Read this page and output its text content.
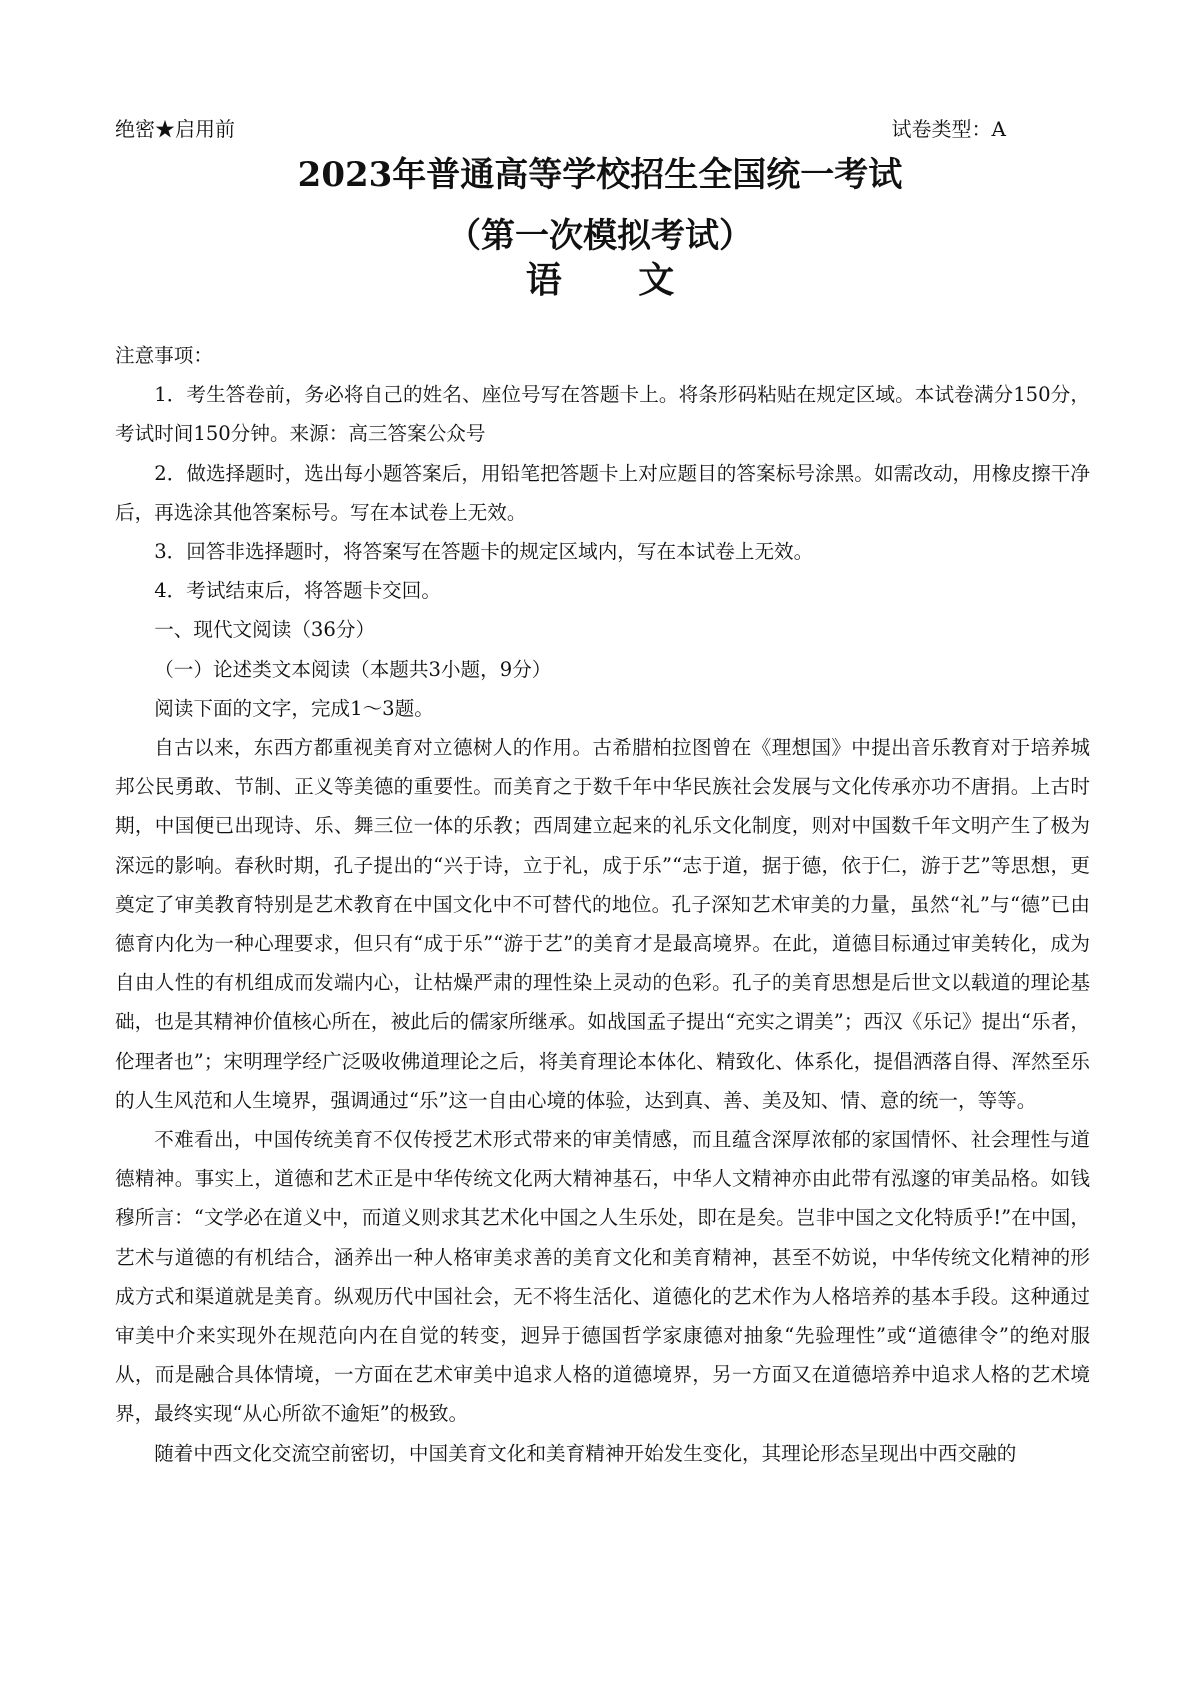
绝密★启用前	试卷类型：A
2023年普通高等学校招生全国统一考试
（第一次模拟考试）
语 文

注意事项：

1．考生答卷前，务必将自己的姓名、座位号写在答题卡上。将条形码粘贴在规定区域。本试卷满分150分，考试时间150分钟。来源：高三答案公众号

2．做选择题时，选出每小题答案后，用铅笔把答题卡上对应题目的答案标号涂黑。如需改动，用橡皮擦干净后，再选涂其他答案标号。写在本试卷上无效。

3．回答非选择题时，将答案写在答题卡的规定区域内，写在本试卷上无效。

4．考试结束后，将答题卡交回。

一、现代文阅读（36分）

（一）论述类文本阅读（本题共3小题，9分）

阅读下面的文字，完成1～3题。

自古以来，东西方都重视美育对立德树人的作用。古希腊柏拉图曾在《理想国》中提出音乐教育对于培养城邦公民勇敢、节制、正义等美德的重要性。而美育之于数千年中华民族社会发展与文化传承亦功不唐捐。上古时期，中国便已出现诗、乐、舞三位一体的乐教；西周建立起来的礼乐文化制度，则对中国数千年文明产生了极为深远的影响。春秋时期，孔子提出的“兴于诗，立于礼，成于乐”“志于道，据于德，依于仁，游于艺”等思想，更奠定了审美教育特别是艺术教育在中国文化中不可替代的地位。孔子深知艺术审美的力量，虽然“礼”与“德”已由德育内化为一种心理要求，但只有“成于乐”“游于艺”的美育才是最高境界。在此，道德目标通过审美转化，成为自由人性的有机组成而发端内心，让枯燥严肃的理性染上灵动的色彩。孔子的美育思想是后世文以载道的理论基础，也是其精神价值核心所在，被此后的儒家所继承。如战国孟子提出“充实之谓美”；西汉《乐记》提出“乐者，伦理者也”；宋明理学经广泛吸收佛道理论之后，将美育理论本体化、精致化、体系化，提倡洒落自得、浑然至乐的人生风范和人生境界，强调通过“乐”这一自由心境的体验，达到真、善、美及知、情、意的统一，等等。

不难看出，中国传统美育不仅传授艺术形式带来的审美情感，而且蕴含深厚浓郁的家国情怀、社会理性与道德精神。事实上，道德和艺术正是中华传统文化两大精神基石，中华人文精神亦由此带有泓邃的审美品格。如钱穆所言：“文学必在道义中，而道义则求其艺术化中国之人生乐处，即在是矣。岂非中国之文化特质乎!”在中国，艺术与道德的有机结合，涵养出一种人格审美求善的美育文化和美育精神，甚至不妨说，中华传统文化精神的形成方式和渠道就是美育。纵观历代中国社会，无不将生活化、道德化的艺术作为人格培养的基本手段。这种通过审美中介来实现外在规范向内在自觉的转变，迥异于德国哲学家康德对抽象“先验理性”或“道德律令”的绝对服从，而是融合具体情境，一方面在艺术审美中追求人格的道德境界，另一方面又在道德培养中追求人格的艺术境界，最终实现“从心所欲不逾矩”的极致。

随着中西文化交流空前密切，中国美育文化和美育精神开始发生变化，其理论形态呈现出中西交融的
